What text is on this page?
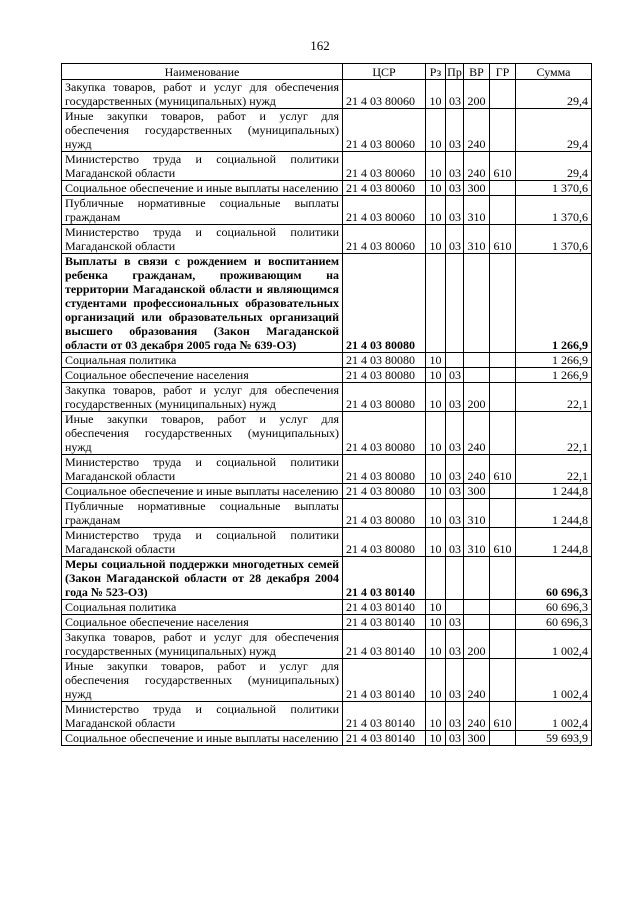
162
Наименование	ЦСР	Рз	Пр	ВР	ГР	Сумма
Закупка товаров, работ и услуг для обеспечения государственных (муниципальных) нужд	21 4 03 80060	10	03	200		29,4
Иные закупки товаров, работ и услуг для обеспечения государственных (муниципальных) нужд	21 4 03 80060	10	03	240		29,4
Министерство труда и социальной политики Магаданской области	21 4 03 80060	10	03	240	610	29,4
Социальное обеспечение и иные выплаты населению	21 4 03 80060	10	03	300		1 370,6
Публичные нормативные социальные выплаты гражданам	21 4 03 80060	10	03	310		1 370,6
Министерство труда и социальной политики Магаданской области	21 4 03 80060	10	03	310	610	1 370,6
Выплаты в связи с рождением и воспитанием ребенка гражданам, проживающим на территории Магаданской области и являющимся студентами профессиональных образовательных организаций или образовательных организаций высшего образования (Закон Магаданской области от 03 декабря 2005 года № 639-ОЗ)	21 4 03 80080					1 266,9
Социальная политика	21 4 03 80080	10				1 266,9
Социальное обеспечение населения	21 4 03 80080	10	03			1 266,9
Закупка товаров, работ и услуг для обеспечения государственных (муниципальных) нужд	21 4 03 80080	10	03	200		22,1
Иные закупки товаров, работ и услуг для обеспечения государственных (муниципальных) нужд	21 4 03 80080	10	03	240		22,1
Министерство труда и социальной политики Магаданской области	21 4 03 80080	10	03	240	610	22,1
Социальное обеспечение и иные выплаты населению	21 4 03 80080	10	03	300		1 244,8
Публичные нормативные социальные выплаты гражданам	21 4 03 80080	10	03	310		1 244,8
Министерство труда и социальной политики Магаданской области	21 4 03 80080	10	03	310	610	1 244,8
Меры социальной поддержки многодетных семей (Закон Магаданской области от 28 декабря 2004 года № 523-ОЗ)	21 4 03 80140					60 696,3
Социальная политика	21 4 03 80140	10				60 696,3
Социальное обеспечение населения	21 4 03 80140	10	03			60 696,3
Закупка товаров, работ и услуг для обеспечения государственных (муниципальных) нужд	21 4 03 80140	10	03	200		1 002,4
Иные закупки товаров, работ и услуг для обеспечения государственных (муниципальных) нужд	21 4 03 80140	10	03	240		1 002,4
Министерство труда и социальной политики Магаданской области	21 4 03 80140	10	03	240	610	1 002,4
Социальное обеспечение и иные выплаты населению	21 4 03 80140	10	03	300		59 693,9
